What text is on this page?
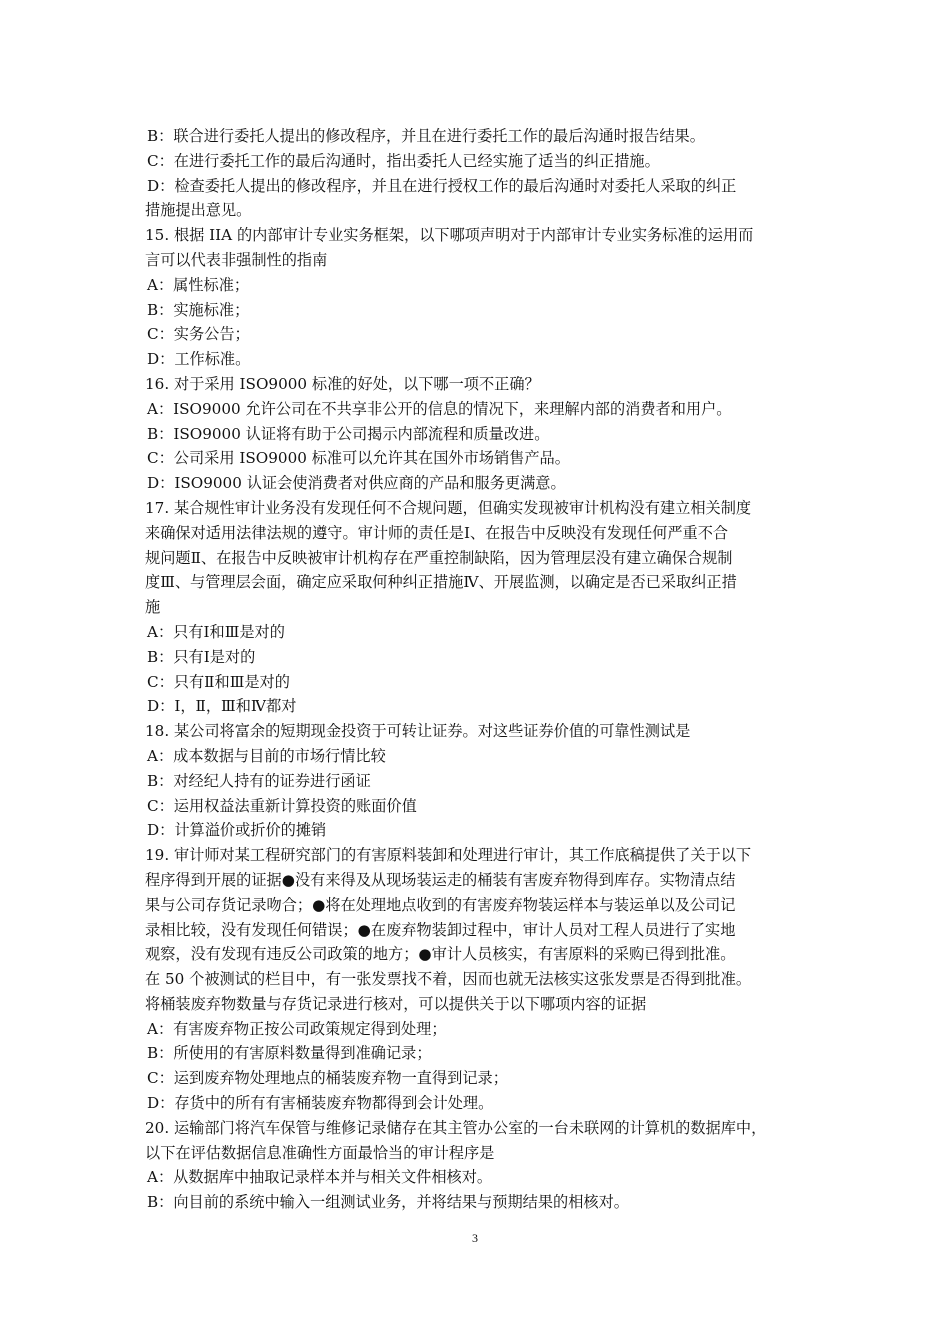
B：联合进行委托人提出的修改程序，并且在进行委托工作的最后沟通时报告结果。
C：在进行委托工作的最后沟通时，指出委托人已经实施了适当的纠正措施。
D：检查委托人提出的修改程序，并且在进行授权工作的最后沟通时对委托人采取的纠正
措施提出意见。
15. 根据 IIA 的内部审计专业实务框架，以下哪项声明对于内部审计专业实务标准的运用而
言可以代表非强制性的指南
A：属性标准；
B：实施标准；
C：实务公告；
D：工作标准。
16. 对于采用 ISO9000 标准的好处，以下哪一项不正确？
A：ISO9000 允许公司在不共享非公开的信息的情况下，来理解内部的消费者和用户。
B：ISO9000 认证将有助于公司揭示内部流程和质量改进。
C：公司采用 ISO9000 标准可以允许其在国外市场销售产品。
D：ISO9000 认证会使消费者对供应商的产品和服务更满意。
17. 某合规性审计业务没有发现任何不合规问题，但确实发现被审计机构没有建立相关制度
来确保对适用法律法规的遵守。审计师的责任是Ⅰ、在报告中反映没有发现任何严重不合
规问题Ⅱ、在报告中反映被审计机构存在严重控制缺陷，因为管理层没有建立确保合规制
度Ⅲ、与管理层会面，确定应采取何种纠正措施Ⅳ、开展监测，以确定是否已采取纠正措
施
A：只有Ⅰ和Ⅲ是对的
B：只有Ⅰ是对的
C：只有Ⅱ和Ⅲ是对的
D：Ⅰ，Ⅱ，Ⅲ和Ⅳ都对
18. 某公司将富余的短期现金投资于可转让证券。对这些证券价值的可靠性测试是
A：成本数据与目前的市场行情比较
B：对经纪人持有的证券进行函证
C：运用权益法重新计算投资的账面价值
D：计算溢价或折价的摊销
19. 审计师对某工程研究部门的有害原料装卸和处理进行审计，其工作底稿提供了关于以下
程序得到开展的证据●没有来得及从现场装运走的桶装有害废弃物得到库存。实物清点结
果与公司存货记录吻合；●将在处理地点收到的有害废弃物装运样本与装运单以及公司记
录相比较，没有发现任何错误；●在废弃物装卸过程中，审计人员对工程人员进行了实地
观察，没有发现有违反公司政策的地方；●审计人员核实，有害原料的采购已得到批准。
在 50 个被测试的栏目中，有一张发票找不着，因而也就无法核实这张发票是否得到批准。
将桶装废弃物数量与存货记录进行核对，可以提供关于以下哪项内容的证据
A：有害废弃物正按公司政策规定得到处理；
B：所使用的有害原料数量得到准确记录；
C：运到废弃物处理地点的桶装废弃物一直得到记录；
D：存货中的所有有害桶装废弃物都得到会计处理。
20. 运输部门将汽车保管与维修记录储存在其主管办公室的一台未联网的计算机的数据库中，
以下在评估数据信息准确性方面最恰当的审计程序是
A：从数据库中抽取记录样本并与相关文件相核对。
B：向目前的系统中输入一组测试业务，并将结果与预期结果的相核对。
3
